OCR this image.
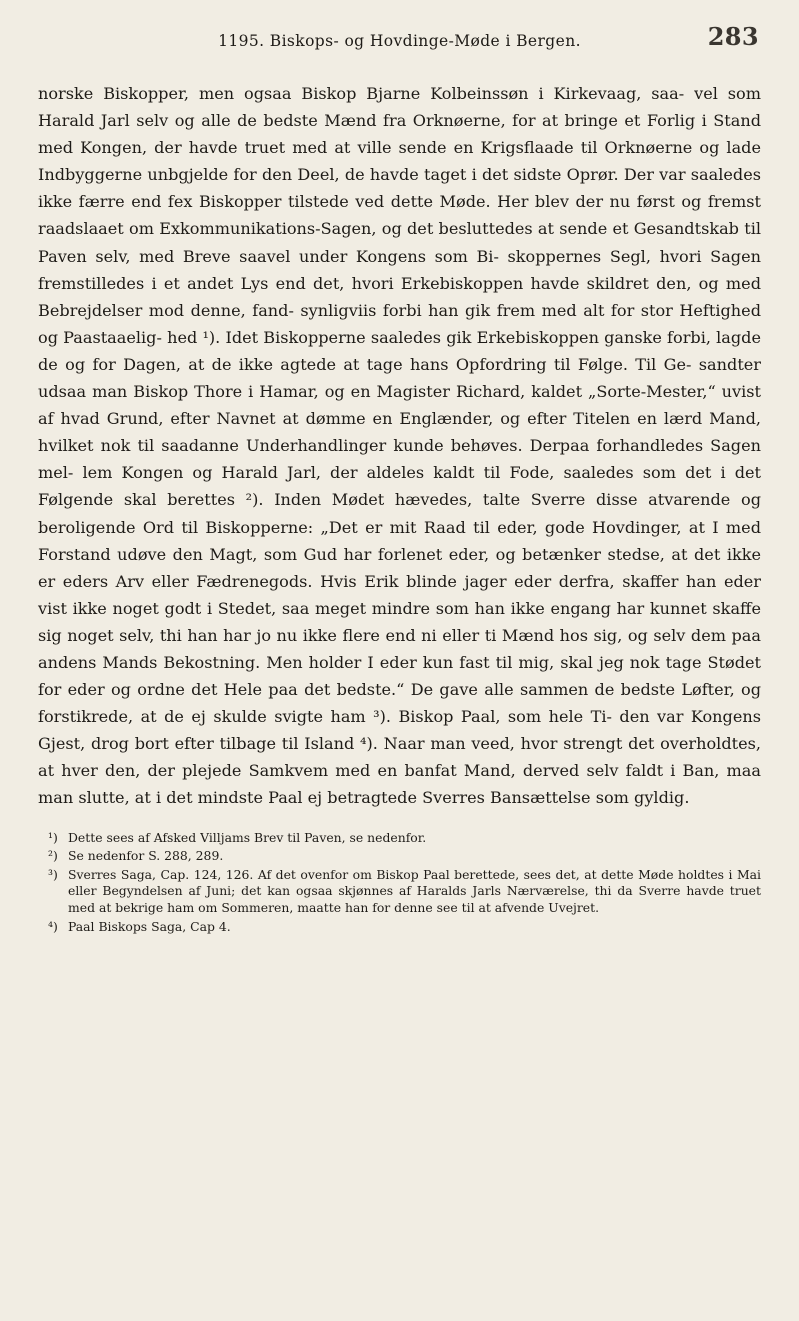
1195. Biskops- og Hovdinge-Møde i Bergen.	283

norske Biskopper, men ogsaa Biskop Bjarne Kolbeinssøn i Kirkevaag, saa- vel som Harald Jarl selv og alle de bedste Mænd fra Orknøerne, for at bringe et Forlig i Stand med Kongen, der havde truet med at ville sende en Krigsflaade til Orknøerne og lade Indbyggerne unbgjelde for den Deel, de havde taget i det sidste Oprør. Der var saaledes ikke færre end fex Biskopper tilstede ved dette Møde. Her blev der nu først og fremst raadslaaet om Exkommunikations-Sagen, og det besluttedes at sende et Gesandtskab til Paven selv, med Breve saavel under Kongens som Bi- skoppernes Segl, hvori Sagen fremstilledes i et andet Lys end det, hvori Erkebiskoppen havde skildret den, og med Bebrejdelser mod denne, fand- synligviis forbi han gik frem med alt for stor Heftighed og Paastaaelig- hed ¹). Idet Biskopperne saaledes gik Erkebiskoppen ganske forbi, lagde de og for Dagen, at de ikke agtede at tage hans Opfordring til Følge. Til Ge- sandter udsaa man Biskop Thore i Hamar, og en Magister Richard, kaldet „Sorte-Mester,“ uvist af hvad Grund, efter Navnet at dømme en Englænder, og efter Titelen en lærd Mand, hvilket nok til saadanne Underhandlinger kunde behøves. Derpaa forhandledes Sagen mel- lem Kongen og Harald Jarl, der aldeles kaldt til Fode, saaledes som det i det Følgende skal berettes ²). Inden Mødet hævedes, talte Sverre disse atvarende og beroligende Ord til Biskopperne: „Det er mit Raad til eder, gode Hovdinger, at I med Forstand udøve den Magt, som Gud har forlenet eder, og betænker stedse, at det ikke er eders Arv eller Fædrenegods. Hvis Erik blinde jager eder derfra, skaffer han eder vist ikke noget godt i Stedet, saa meget mindre som han ikke engang har kunnet skaffe sig noget selv, thi han har jo nu ikke flere end ni eller ti Mænd hos sig, og selv dem paa andens Mands Bekostning. Men holder I eder kun fast til mig, skal jeg nok tage Stødet for eder og ordne det Hele paa det bedste.“ De gave alle sammen de bedste Løfter, og forstikrede, at de ej skulde svigte ham ³). Biskop Paal, som hele Ti- den var Kongens Gjest, drog bort efter tilbage til Island ⁴). Naar man veed, hvor strengt det overholdtes, at hver den, der plejede Samkvem med en banfat Mand, derved selv faldt i Ban, maa man slutte, at i det mindste Paal ej betragtede Sverres Bansættelse som gyldig.

¹) Dette sees af Afsked Villjams Brev til Paven, se nedenfor.
²) Se nedenfor S. 288, 289.
³) Sverres Saga, Cap. 124, 126. Af det ovenfor om Biskop Paal berettede, sees det, at dette Møde holdtes i Mai eller Begyndelsen af Juni; det kan ogsaa skjønnes af Haralds Jarls Nærværelse, thi da Sverre havde truet med at bekrige ham om Sommeren, maatte han for denne see til at afvende Uvejret.
⁴) Paal Biskops Saga, Cap 4.
